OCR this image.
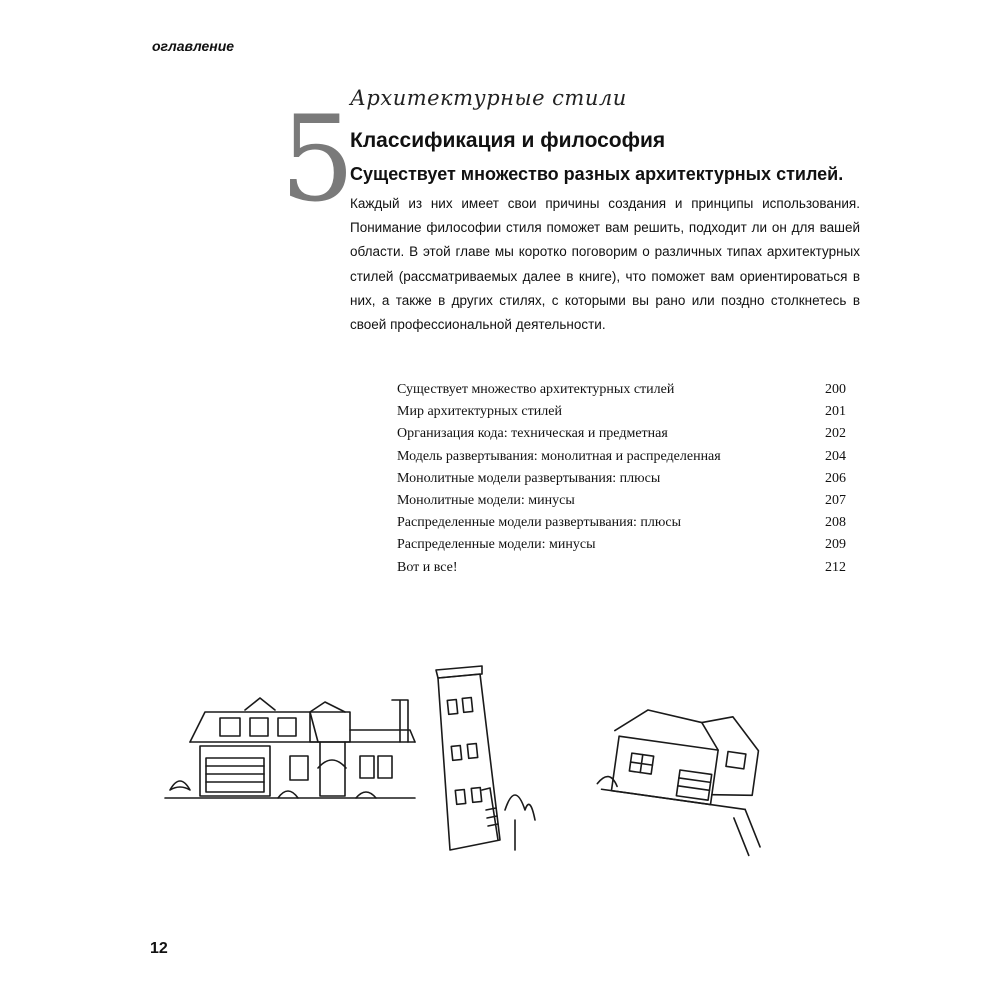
оглавление
5
Архитектурные стили
Классификация и философия
Существует множество разных архитектурных стилей.
Каждый из них имеет свои причины создания и принципы использования. Понимание философии стиля поможет вам решить, подходит ли он для вашей области. В этой главе мы коротко поговорим о различных типах архитектурных стилей (рассматриваемых далее в книге), что поможет вам ориентироваться в них, а также в других стилях, с которыми вы рано или поздно столкнетесь в своей профессиональной деятельности.
Существует множество архитектурных стилей	200
Мир архитектурных стилей	201
Организация кода: техническая и предметная	202
Модель развертывания: монолитная и распределенная	204
Монолитные модели развертывания: плюсы	206
Монолитные модели: минусы	207
Распределенные модели развертывания: плюсы	208
Распределенные модели: минусы	209
Вот и все!	212
12
